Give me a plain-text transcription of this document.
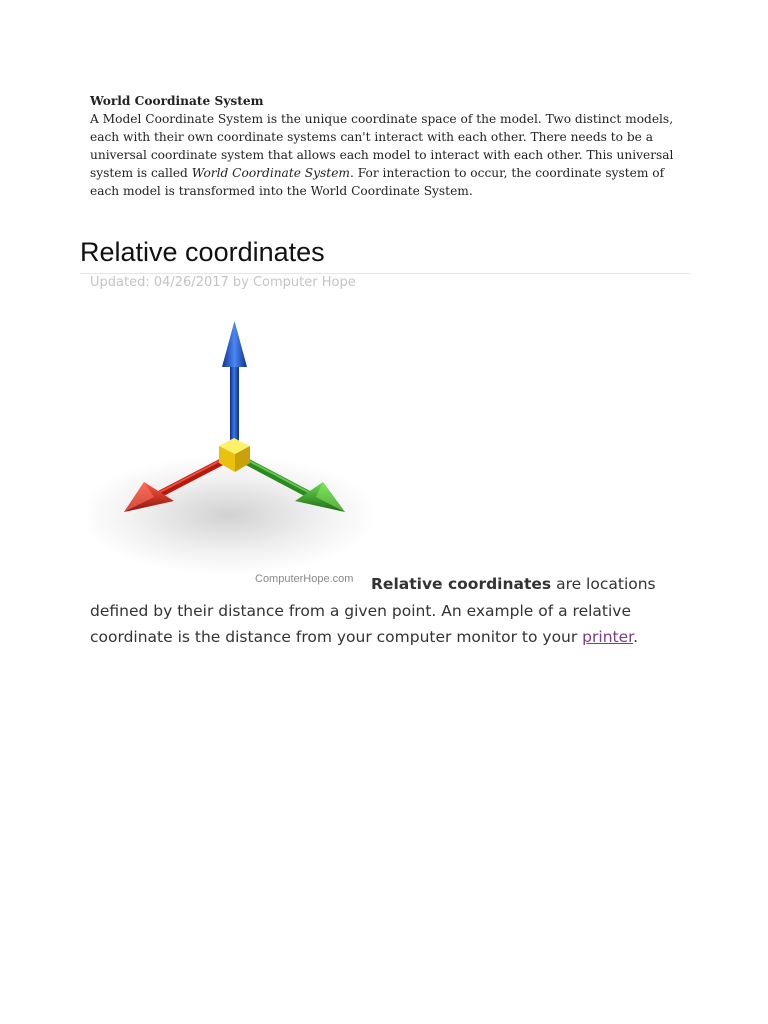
World Coordinate System

A Model Coordinate System is the unique coordinate space of the model. Two distinct models, each with their own coordinate systems can't interact with each other. There needs to be a universal coordinate system that allows each model to interact with each other. This universal system is called World Coordinate System. For interaction to occur, the coordinate system of each model is transformed into the World Coordinate System.

Relative coordinates
Updated: 04/26/2017 by Computer Hope
ComputerHope.com	Relative coordinates are locations defined by their distance from a given point. An example of a relative coordinate is the distance from your computer monitor to your printer.
